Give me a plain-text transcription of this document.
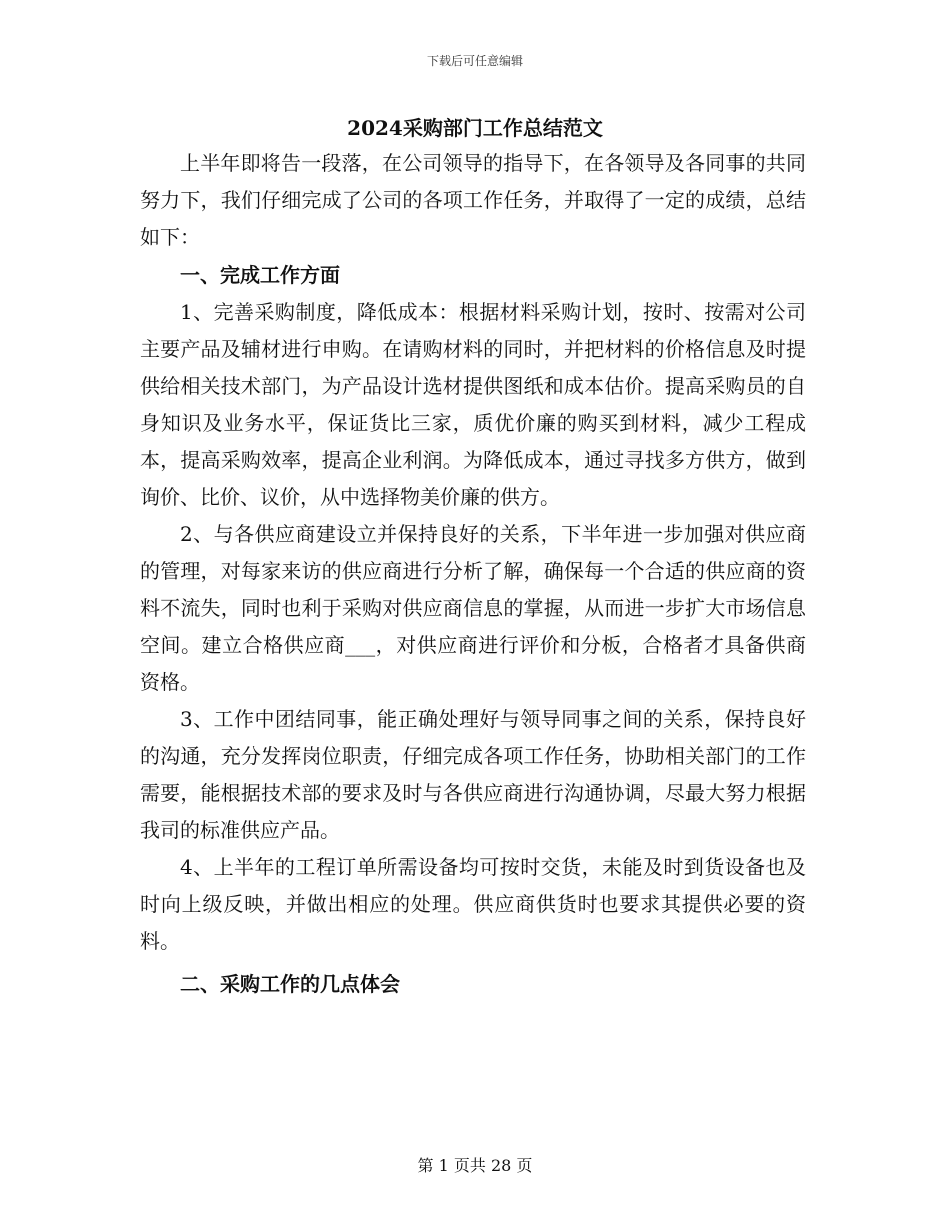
下载后可任意编辑
2024采购部门工作总结范文

上半年即将告一段落，在公司领导的指导下，在各领导及各同事的共同努力下，我们仔细完成了公司的各项工作任务，并取得了一定的成绩，总结如下：

一、完成工作方面

1、完善采购制度，降低成本：根据材料采购计划，按时、按需对公司主要产品及辅材进行申购。在请购材料的同时，并把材料的价格信息及时提供给相关技术部门，为产品设计选材提供图纸和成本估价。提高采购员的自身知识及业务水平，保证货比三家，质优价廉的购买到材料，减少工程成本，提高采购效率，提高企业利润。为降低成本，通过寻找多方供方，做到询价、比价、议价，从中选择物美价廉的供方。

2、与各供应商建设立并保持良好的关系，下半年进一步加强对供应商的管理，对每家来访的供应商进行分析了解，确保每一个合适的供应商的资料不流失，同时也利于采购对供应商信息的掌握，从而进一步扩大市场信息空间。建立合格供应商___，对供应商进行评价和分板，合格者才具备供商资格。

3、工作中团结同事，能正确处理好与领导同事之间的关系，保持良好的沟通，充分发挥岗位职责，仔细完成各项工作任务，协助相关部门的工作需要，能根据技术部的要求及时与各供应商进行沟通协调，尽最大努力根据我司的标准供应产品。

4、上半年的工程订单所需设备均可按时交货，未能及时到货设备也及时向上级反映，并做出相应的处理。供应商供货时也要求其提供必要的资料。

二、采购工作的几点体会

第 1 页共 28 页
